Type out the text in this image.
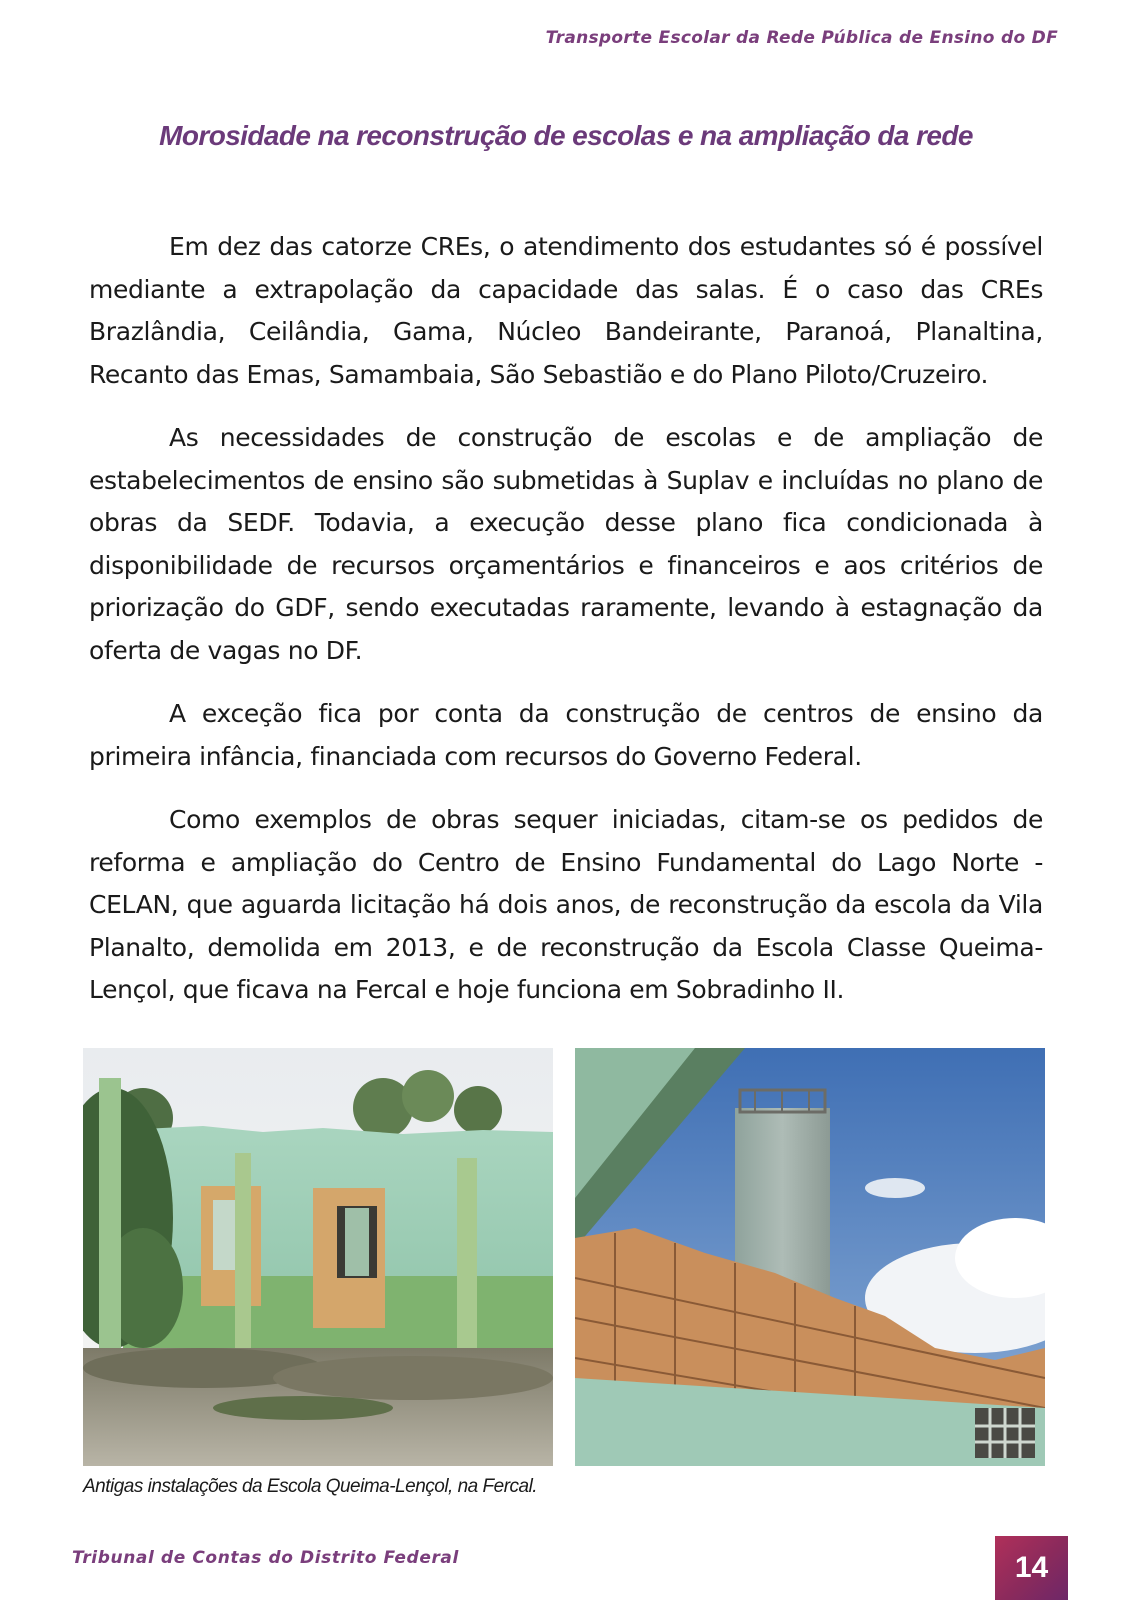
Transporte Escolar da Rede Pública de Ensino do DF
Morosidade na reconstrução de escolas e na ampliação da rede

Em dez das catorze CREs, o atendimento dos estudantes só é possível mediante a extrapolação da capacidade das salas. É o caso das CREs Brazlândia, Ceilândia, Gama, Núcleo Bandeirante, Paranoá, Planaltina, Recanto das Emas, Samambaia, São Sebastião e do Plano Piloto/Cruzeiro.

As necessidades de construção de escolas e de ampliação de estabelecimentos de ensino são submetidas à Suplav e incluídas no plano de obras da SEDF. Todavia, a execução desse plano fica condicionada à disponibilidade de recursos orçamentários e financeiros e aos critérios de priorização do GDF, sendo executadas raramente, levando à estagnação da oferta de vagas no DF.

A exceção fica por conta da construção de centros de ensino da primeira infância, financiada com recursos do Governo Federal.

Como exemplos de obras sequer iniciadas, citam-se os pedidos de reforma e ampliação do Centro de Ensino Fundamental do Lago Norte - CELAN, que aguarda licitação há dois anos, de reconstrução da escola da Vila Planalto, demolida em 2013, e de reconstrução da Escola Classe Queima-Lençol, que ficava na Fercal e hoje funciona em Sobradinho II.

Antigas instalações da Escola Queima-Lençol, na Fercal.
Tribunal de Contas do Distrito Federal	14
